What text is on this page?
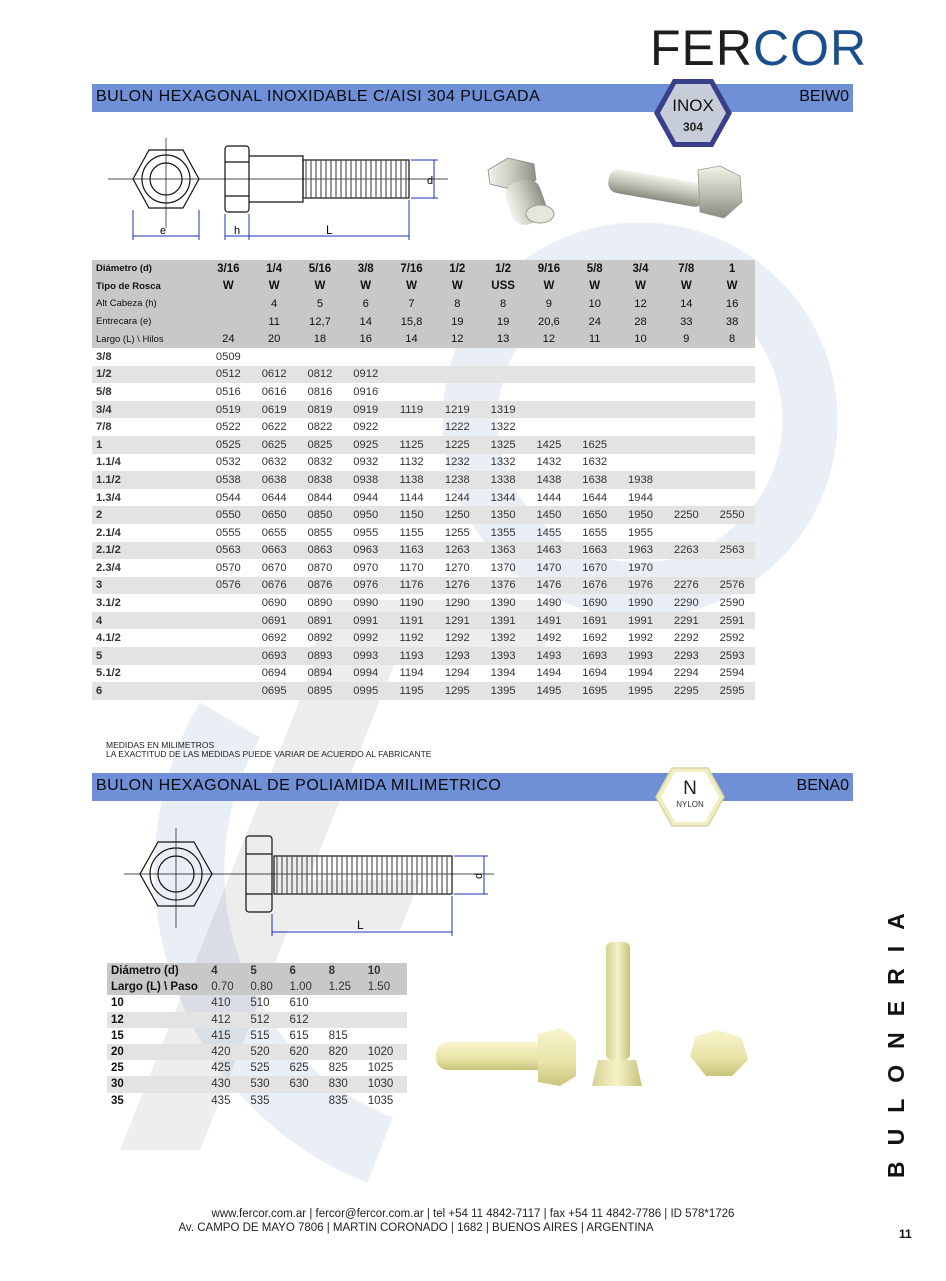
FERCOR
BULON HEXAGONAL INOXIDABLE C/AISI 304 PULGADA	BEIW0
INOX
304
e	h	L
d
Diámetro (d)	3/16	1/4	5/16	3/8	7/16	1/2	1/2	9/16	5/8	3/4	7/8	1
Tipo de Rosca	W	W	W	W	W	W	USS	W	W	W	W	W
Alt Cabeza (h)		4	5	6	7	8	8	9	10	12	14	16
Entrecara (e)		11	12,7	14	15,8	19	19	20,6	24	28	33	38
Largo (L) \ Hilos	24	20	18	16	14	12	13	12	11	10	9	8
3/8	0509											
1/2	0512	0612	0812	0912								
5/8	0516	0616	0816	0916								
3/4	0519	0619	0819	0919	1119	1219	1319					
7/8	0522	0622	0822	0922		1222	1322					
1	0525	0625	0825	0925	1125	1225	1325	1425	1625			
1.1/4	0532	0632	0832	0932	1132	1232	1332	1432	1632			
1.1/2	0538	0638	0838	0938	1138	1238	1338	1438	1638	1938		
1.3/4	0544	0644	0844	0944	1144	1244	1344	1444	1644	1944		
2	0550	0650	0850	0950	1150	1250	1350	1450	1650	1950	2250	2550
2.1/4	0555	0655	0855	0955	1155	1255	1355	1455	1655	1955		
2.1/2	0563	0663	0863	0963	1163	1263	1363	1463	1663	1963	2263	2563
2.3/4	0570	0670	0870	0970	1170	1270	1370	1470	1670	1970		
3	0576	0676	0876	0976	1176	1276	1376	1476	1676	1976	2276	2576
3.1/2		0690	0890	0990	1190	1290	1390	1490	1690	1990	2290	2590
4		0691	0891	0991	1191	1291	1391	1491	1691	1991	2291	2591
4.1/2		0692	0892	0992	1192	1292	1392	1492	1692	1992	2292	2592
5		0693	0893	0993	1193	1293	1393	1493	1693	1993	2293	2593
5.1/2		0694	0894	0994	1194	1294	1394	1494	1694	1994	2294	2594
6		0695	0895	0995	1195	1295	1395	1495	1695	1995	2295	2595
MEDIDAS EN MILIMETROS
LA EXACTITUD DE LAS MEDIDAS PUEDE VARIAR DE ACUERDO AL FABRICANTE
BULON HEXAGONAL DE POLIAMIDA MILIMETRICO	BENA0
N
NYLON
L
d
Diámetro (d)	4	5	6	8	10
Largo (L) \ Paso	0.70	0.80	1.00	1.25	1.50
10	410	510	610		
12	412	512	612		
15	415	515	615	815	
20	420	520	620	820	1020
25	425	525	625	825	1025
30	430	530	630	830	1030
35	435	535		835	1035	BULONERIA
www.fercor.com.ar | fercor@fercor.com.ar | tel +54 11 4842-7117 | fax +54 11 4842-7786 | ID 578*1726
Av. CAMPO DE MAYO 7806 | MARTIN CORONADO | 1682 | BUENOS AIRES | ARGENTINA	11
